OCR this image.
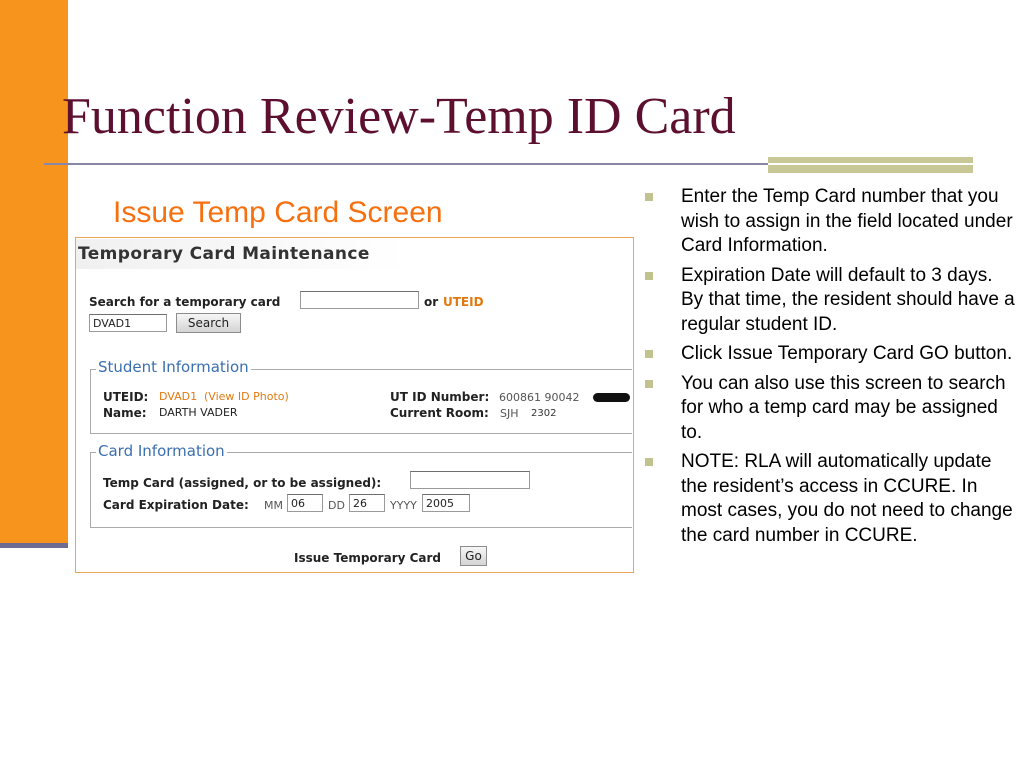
Function Review-Temp ID Card
Issue Temp Card Screen
Temporary Card Maintenance
Search for a temporary card	or UTEID
DVAD1	Search
Student Information
UTEID: DVAD1 (View ID Photo)
Name: DARTH VADER
UT ID Number: 600861 90042
Current Room: SJH 2302
Card Information
Temp Card (assigned, or to be assigned):
Card Expiration Date: MM 06	DD 26	YYYY 2005
Issue Temporary Card	Go
Enter the Temp Card number that you wish to assign in the field located under Card Information.
Expiration Date will default to 3 days. By that time, the resident should have a regular student ID.
Click Issue Temporary Card GO button.
You can also use this screen to search for who a temp card may be assigned to.
NOTE: RLA will automatically update the resident’s access in CCURE. In most cases, you do not need to change the card number in CCURE.
